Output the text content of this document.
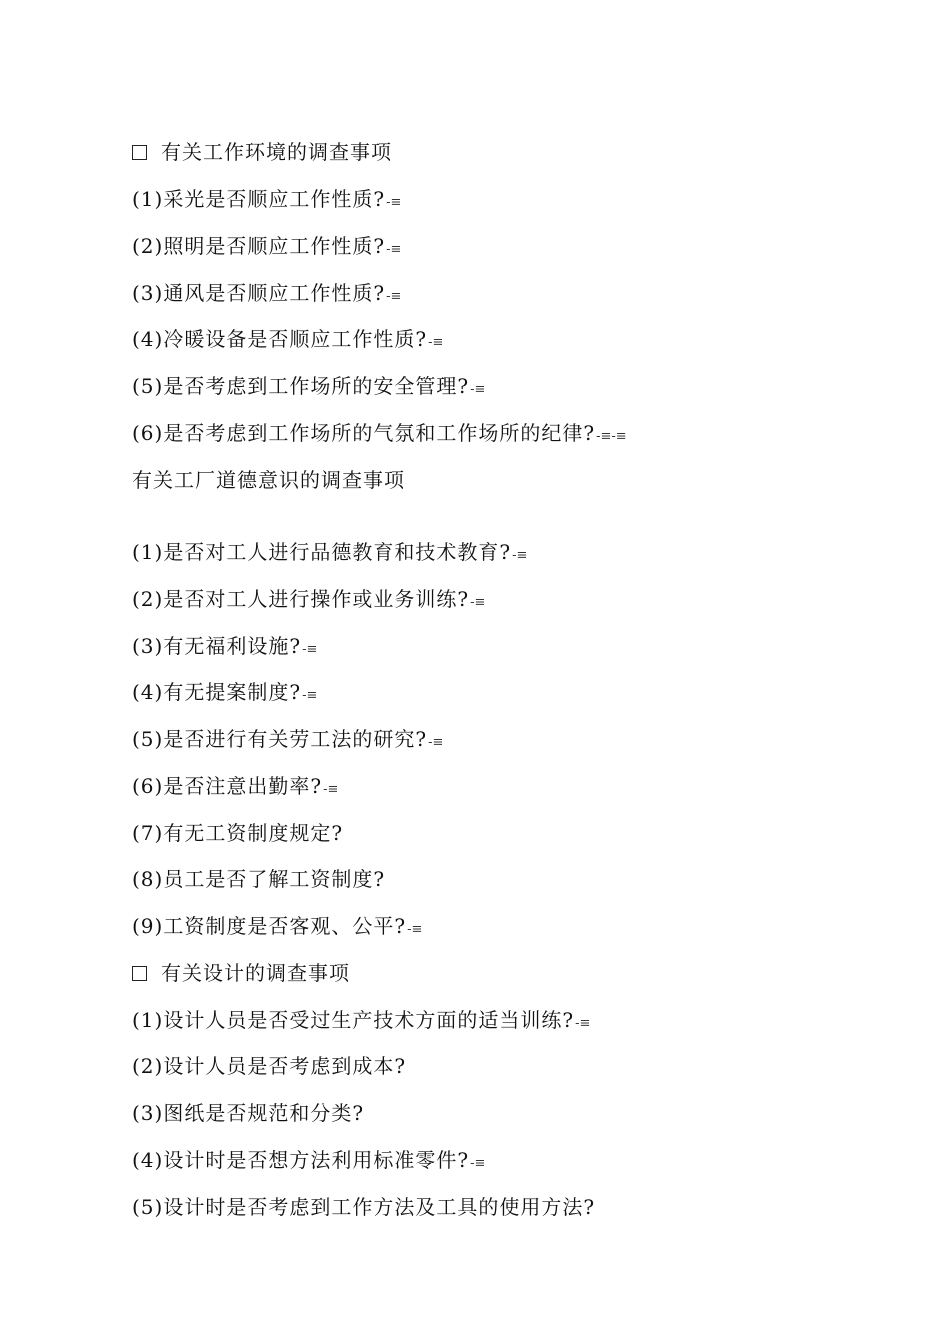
有关工作环境的调查事项
(1)采光是否顺应工作性质?-≡
(2)照明是否顺应工作性质?-≡
(3)通风是否顺应工作性质?-≡
(4)冷暖设备是否顺应工作性质?-≡
(5)是否考虑到工作场所的安全管理?-≡
(6)是否考虑到工作场所的气氛和工作场所的纪律?-≡-≡
有关工厂道德意识的调查事项
(1)是否对工人进行品德教育和技术教育?-≡
(2)是否对工人进行操作或业务训练?-≡
(3)有无福利设施?-≡
(4)有无提案制度?-≡
(5)是否进行有关劳工法的研究?-≡
(6)是否注意出勤率?-≡
(7)有无工资制度规定?
(8)员工是否了解工资制度?
(9)工资制度是否客观、公平?-≡
有关设计的调查事项
(1)设计人员是否受过生产技术方面的适当训练?-≡
(2)设计人员是否考虑到成本?
(3)图纸是否规范和分类?
(4)设计时是否想方法利用标准零件?-≡
(5)设计时是否考虑到工作方法及工具的使用方法?
